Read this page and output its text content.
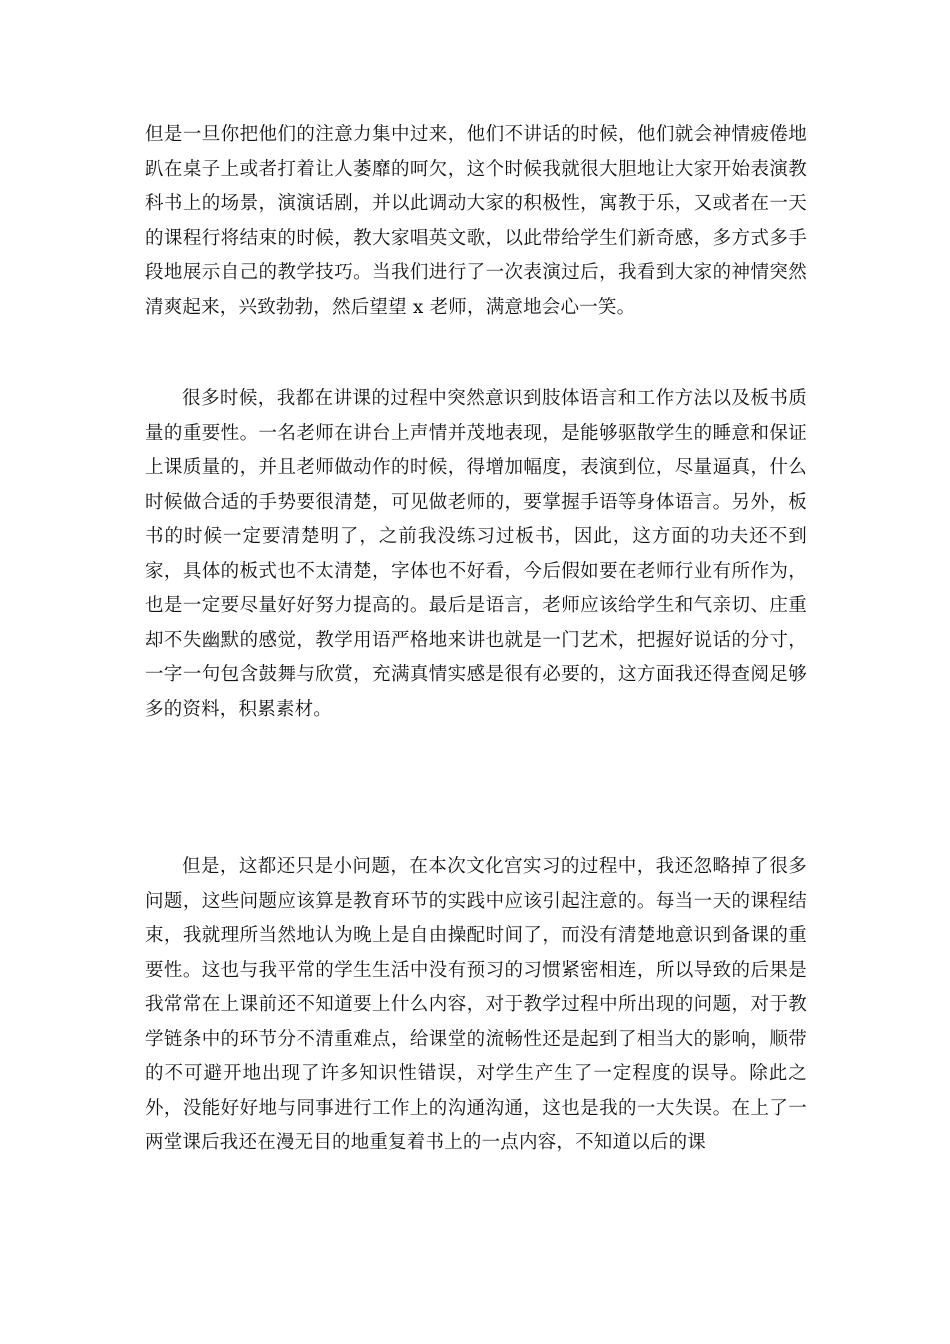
但是一旦你把他们的注意力集中过来，他们不讲话的时候，他们就会神情疲倦地趴在桌子上或者打着让人萎靡的呵欠，这个时候我就很大胆地让大家开始表演教科书上的场景，演演话剧，并以此调动大家的积极性，寓教于乐，又或者在一天的课程行将结束的时候，教大家唱英文歌，以此带给学生们新奇感，多方式多手段地展示自己的教学技巧。当我们进行了一次表演过后，我看到大家的神情突然清爽起来，兴致勃勃，然后望望 x 老师，满意地会心一笑。

很多时候，我都在讲课的过程中突然意识到肢体语言和工作方法以及板书质量的重要性。一名老师在讲台上声情并茂地表现，是能够驱散学生的睡意和保证上课质量的，并且老师做动作的时候，得增加幅度，表演到位，尽量逼真，什么时候做合适的手势要很清楚，可见做老师的，要掌握手语等身体语言。另外，板书的时候一定要清楚明了，之前我没练习过板书，因此，这方面的功夫还不到家，具体的板式也不太清楚，字体也不好看，今后假如要在老师行业有所作为，也是一定要尽量好好努力提高的。最后是语言，老师应该给学生和气亲切、庄重却不失幽默的感觉，教学用语严格地来讲也就是一门艺术，把握好说话的分寸，一字一句包含鼓舞与欣赏，充满真情实感是很有必要的，这方面我还得查阅足够多的资料，积累素材。

但是，这都还只是小问题，在本次文化宫实习的过程中，我还忽略掉了很多问题，这些问题应该算是教育环节的实践中应该引起注意的。每当一天的课程结束，我就理所当然地认为晚上是自由操配时间了，而没有清楚地意识到备课的重要性。这也与我平常的学生生活中没有预习的习惯紧密相连，所以导致的后果是我常常在上课前还不知道要上什么内容，对于教学过程中所出现的问题，对于教学链条中的环节分不清重难点，给课堂的流畅性还是起到了相当大的影响，顺带的不可避开地出现了许多知识性错误，对学生产生了一定程度的误导。除此之外，没能好好地与同事进行工作上的沟通沟通，这也是我的一大失误。在上了一两堂课后我还在漫无目的地重复着书上的一点内容，不知道以后的课
